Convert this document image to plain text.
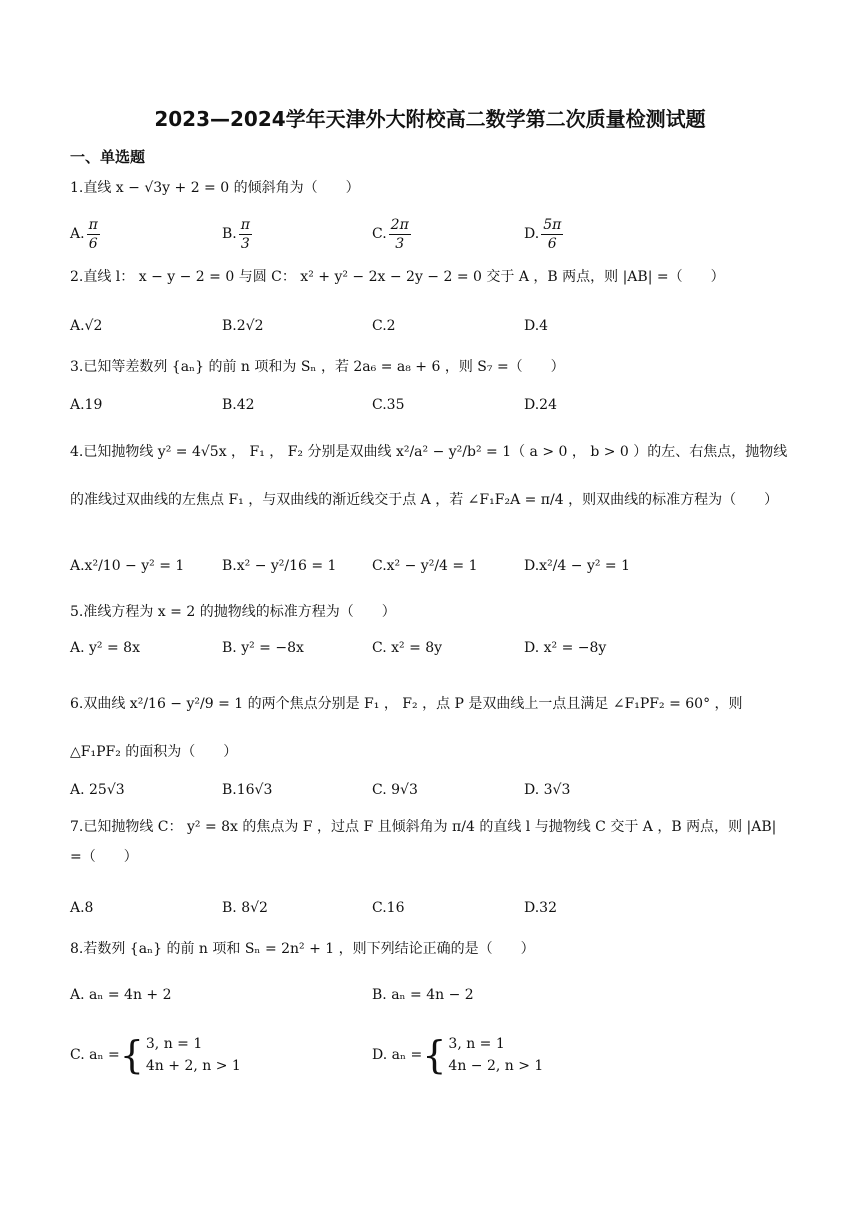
2023—2024学年天津外大附校高二数学第二次质量检测试题
一、单选题
1.直线 x − √3y + 2 = 0 的倾斜角为（　　）
A. $\frac{\pi}{6}$	B. $\frac{\pi}{3}$	C. $\frac{2\pi}{3}$	D. $\frac{5\pi}{6}$
2.直线 l： x − y − 2 = 0 与圆 C： x² + y² − 2x − 2y − 2 = 0 交于 A ，B 两点，则 |AB| =（　　）
A.√2	B.2√2	C.2	D.4
3.已知等差数列 {aₙ} 的前 n 项和为 Sₙ ，若 2a₆ = a₈ + 6 ，则 S₇ =（　　）
A.19	B.42	C.35	D.24
4.已知抛物线 y² = 4√5x ， F₁ ， F₂ 分别是双曲线 x²/a² − y²/b² = 1（ a > 0 ， b > 0 ）的左、右焦点，抛物线的准线过双曲线的左焦点 F₁ ，与双曲线的渐近线交于点 A ，若 ∠F₁F₂A = π/4 ，则双曲线的标准方程为（　　）
A.x²/10 − y² = 1	B.x² − y²/16 = 1	C.x² − y²/4 = 1	D.x²/4 − y² = 1
5.准线方程为 x = 2 的抛物线的标准方程为（　　）
A. y² = 8x	B. y² = −8x	C. x² = 8y	D. x² = −8y
6.双曲线 x²/16 − y²/9 = 1 的两个焦点分别是 F₁ ， F₂ ，点 P 是双曲线上一点且满足 ∠F₁PF₂ = 60° ，则 △F₁PF₂ 的面积为（　　）
A. 25√3	B.16√3	C. 9√3	D. 3√3
7.已知抛物线 C： y² = 8x 的焦点为 F ，过点 F 且倾斜角为 π/4 的直线 l 与抛物线 C 交于 A ，B 两点，则 |AB| =（　　）
A.8	B. 8√2	C.16	D.32
8.若数列 {aₙ} 的前 n 项和 Sₙ = 2n² + 1 ，则下列结论正确的是（　　）
A. aₙ = 4n + 2	B. aₙ = 4n − 2
C. aₙ = { 3, n = 1
4n + 2, n > 1
D. aₙ = { 3, n = 1
4n − 2, n > 1
